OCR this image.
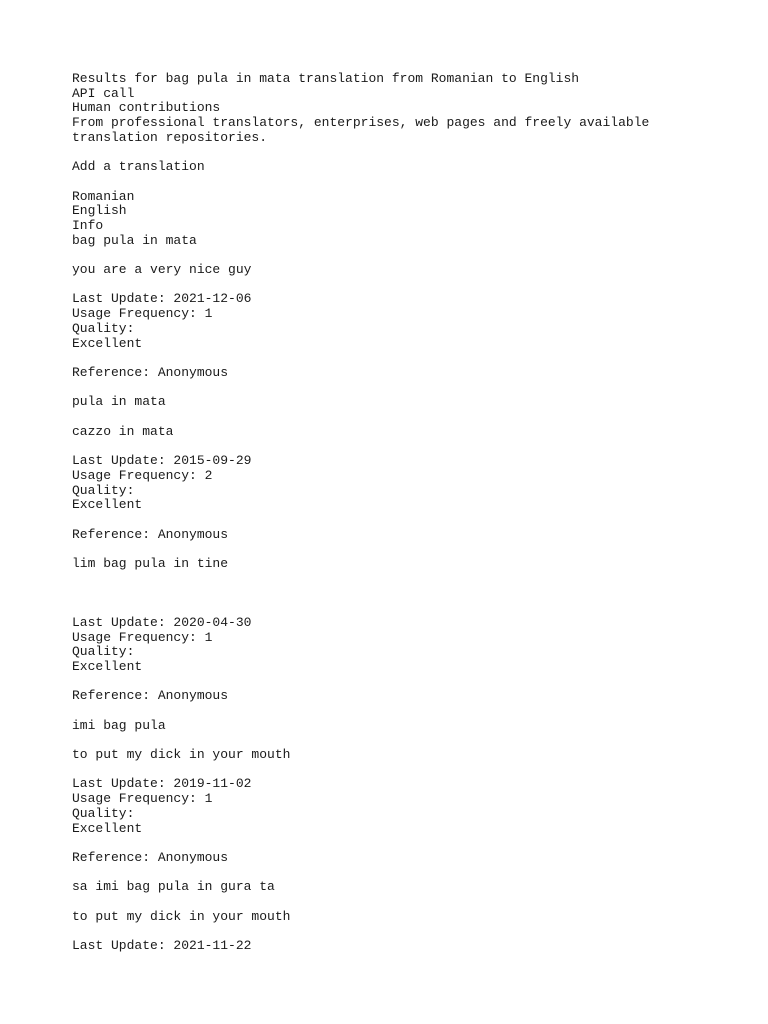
Results for bag pula in mata translation from Romanian to English

API call

Human contributions

From professional translators, enterprises, web pages and freely available

translation repositories.

Add a translation

Romanian

English

Info

bag pula in mata

you are a very nice guy

Last Update: 2021-12-06

Usage Frequency: 1

Quality:

Excellent

Reference: Anonymous

pula in mata

cazzo in mata

Last Update: 2015-09-29

Usage Frequency: 2

Quality:

Excellent

Reference: Anonymous

lim bag pula in tine

Last Update: 2020-04-30

Usage Frequency: 1

Quality:

Excellent

Reference: Anonymous

imi bag pula

to put my dick in your mouth

Last Update: 2019-11-02

Usage Frequency: 1

Quality:

Excellent

Reference: Anonymous

sa imi bag pula in gura ta

to put my dick in your mouth

Last Update: 2021-11-22
